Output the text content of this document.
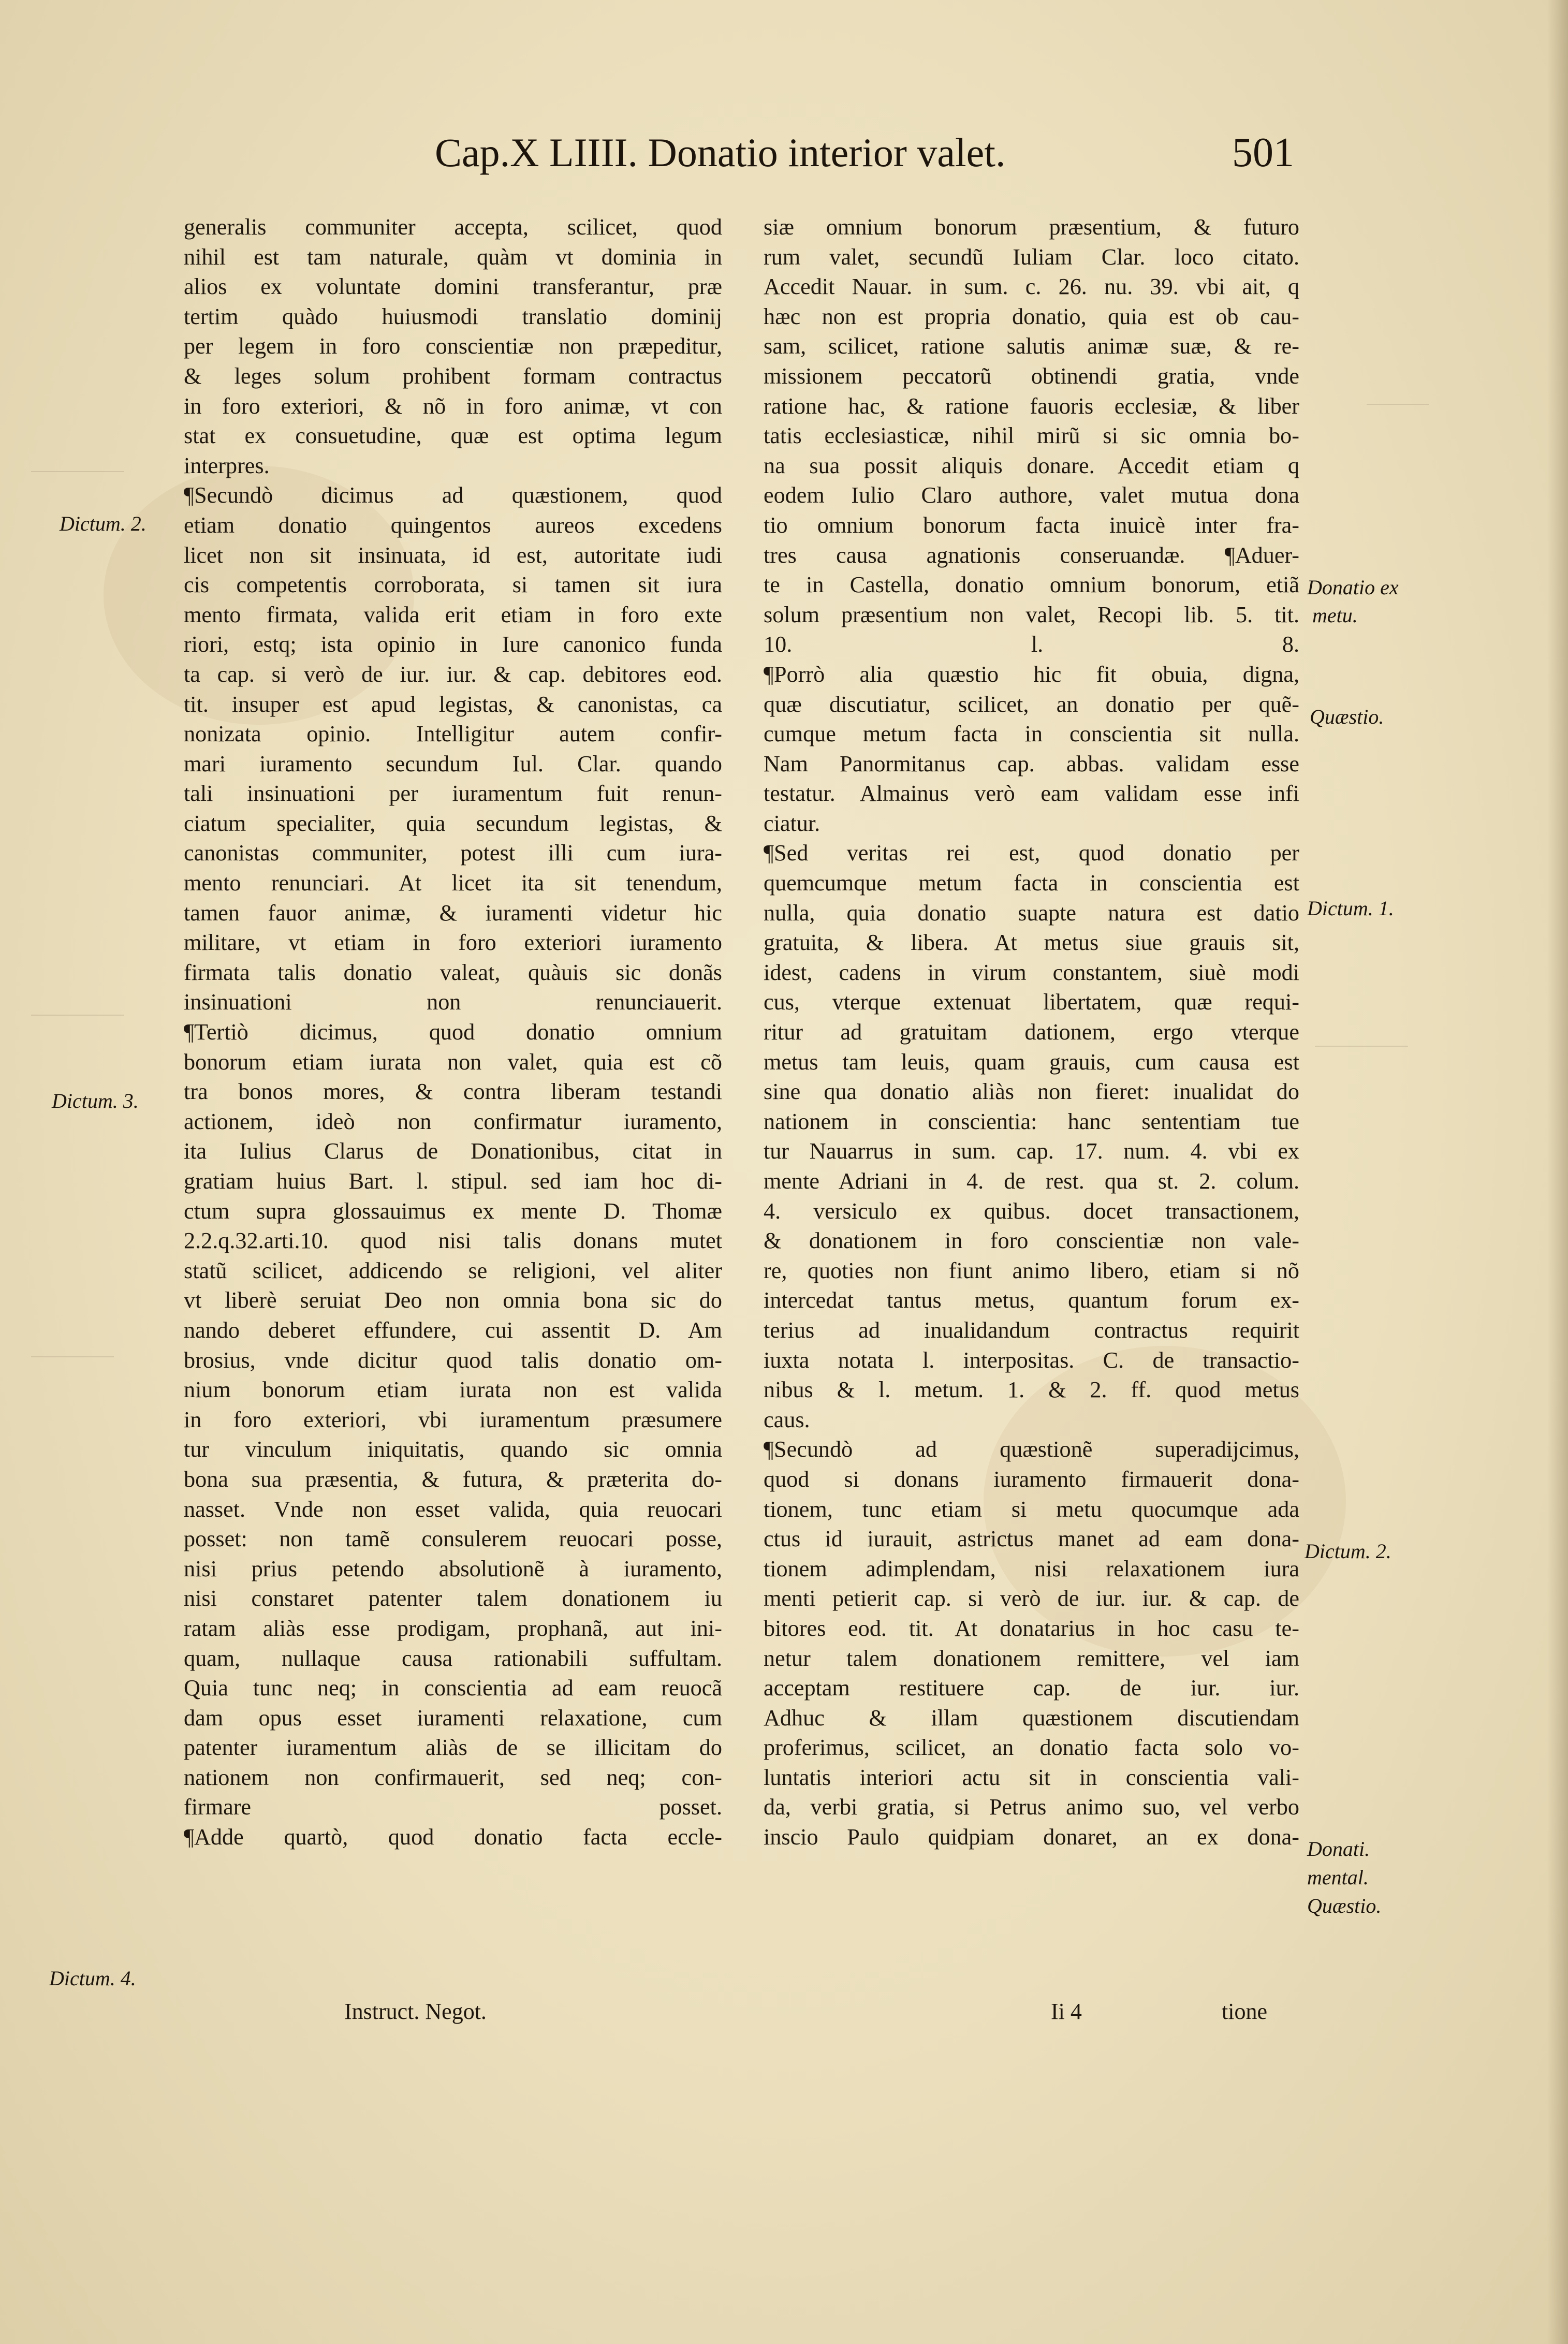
Cap.X LIIII. Donatio interior valet.	501
generalis communiter accepta, scilicet, quod
nihil est tam naturale, quàm vt dominia in
alios ex voluntate domini transferantur, præ
tertim quàdo huiusmodi translatio dominij
per legem in foro conscientiæ non præpeditur,
& leges solum prohibent formam contractus
in foro exteriori, & nõ in foro animæ, vt con
stat ex consuetudine, quæ est optima legum
interpres.
¶Secundò dicimus ad quæstionem, quod
etiam donatio quingentos aureos excedens
licet non sit insinuata, id est, autoritate iudi
cis competentis corroborata, si tamen sit iura
mento firmata, valida erit etiam in foro exte
riori, estq; ista opinio in Iure canonico funda
ta cap. si verò de iur. iur. & cap. debitores eod.
tit. insuper est apud legistas, & canonistas, ca
nonizata opinio. Intelligitur autem confir-
mari iuramento secundum Iul. Clar. quando
tali insinuationi per iuramentum fuit renun-
ciatum specialiter, quia secundum legistas, &
canonistas communiter, potest illi cum iura-
mento renunciari. At licet ita sit tenendum,
tamen fauor animæ, & iuramenti videtur hic
militare, vt etiam in foro exteriori iuramento
firmata talis donatio valeat, quàuis sic donãs
insinuationi non renunciauerit.
¶Tertiò dicimus, quod donatio omnium
bonorum etiam iurata non valet, quia est cõ
tra bonos mores, & contra liberam testandi
actionem, ideò non confirmatur iuramento,
ita Iulius Clarus de Donationibus, citat in
gratiam huius Bart. l. stipul. sed iam hoc di-
ctum supra glossauimus ex mente D. Thomæ
2.2.q.32.arti.10. quod nisi talis donans mutet
statũ scilicet, addicendo se religioni, vel aliter
vt liberè seruiat Deo non omnia bona sic do
nando deberet effundere, cui assentit D. Am
brosius, vnde dicitur quod talis donatio om-
nium bonorum etiam iurata non est valida
in foro exteriori, vbi iuramentum præsumere
tur vinculum iniquitatis, quando sic omnia
bona sua præsentia, & futura, & præterita do-
nasset. Vnde non esset valida, quia reuocari
posset: non tamẽ consulerem reuocari posse,
nisi prius petendo absolutionẽ à iuramento,
nisi constaret patenter talem donationem iu
ratam aliàs esse prodigam, prophanã, aut ini-
quam, nullaque causa rationabili suffultam.
Quia tunc neq; in conscientia ad eam reuocã
dam opus esset iuramenti relaxatione, cum
patenter iuramentum aliàs de se illicitam do
nationem non confirmauerit, sed neq; con-
firmare posset.
¶Adde quartò, quod donatio facta eccle-
siæ omnium bonorum præsentium, & futuro
rum valet, secundũ Iuliam Clar. loco citato.
Accedit Nauar. in sum. c. 26. nu. 39. vbi ait, q
hæc non est propria donatio, quia est ob cau-
sam, scilicet, ratione salutis animæ suæ, & re-
missionem peccatorũ obtinendi gratia, vnde
ratione hac, & ratione fauoris ecclesiæ, & liber
tatis ecclesiasticæ, nihil mirũ si sic omnia bo-
na sua possit aliquis donare. Accedit etiam q
eodem Iulio Claro authore, valet mutua dona
tio omnium bonorum facta inuicè inter fra-
tres causa agnationis conseruandæ. ¶Aduer-
te in Castella, donatio omnium bonorum, etiã
solum præsentium non valet, Recopi lib. 5. tit.
10. l. 8.
¶Porrò alia quæstio hic fit obuia, digna,
quæ discutiatur, scilicet, an donatio per quẽ-
cumque metum facta in conscientia sit nulla.
Nam Panormitanus cap. abbas. validam esse
testatur. Almainus verò eam validam esse infi
ciatur.
¶Sed veritas rei est, quod donatio per
quemcumque metum facta in conscientia est
nulla, quia donatio suapte natura est datio
gratuita, & libera. At metus siue grauis sit,
idest, cadens in virum constantem, siuè modi
cus, vterque extenuat libertatem, quæ requi-
ritur ad gratuitam dationem, ergo vterque
metus tam leuis, quam grauis, cum causa est
sine qua donatio aliàs non fieret: inualidat do
nationem in conscientia: hanc sententiam tue
tur Nauarrus in sum. cap. 17. num. 4. vbi ex
mente Adriani in 4. de rest. qua st. 2. colum.
4. versiculo ex quibus. docet transactionem,
& donationem in foro conscientiæ non vale-
re, quoties non fiunt animo libero, etiam si nõ
intercedat tantus metus, quantum forum ex-
terius ad inualidandum contractus requirit
iuxta notata l. interpositas. C. de transactio-
nibus & l. metum. 1. & 2. ff. quod metus
caus.
¶Secundò ad quæstionẽ superadijcimus,
quod si donans iuramento firmauerit dona-
tionem, tunc etiam si metu quocumque ada
ctus id iurauit, astrictus manet ad eam dona-
tionem adimplendam, nisi relaxationem iura
menti petierit cap. si verò de iur. iur. & cap. de
bitores eod. tit. At donatarius in hoc casu te-
netur talem donationem remittere, vel iam
acceptam restituere cap. de iur. iur.
Adhuc & illam quæstionem discutiendam
proferimus, scilicet, an donatio facta solo vo-
luntatis interiori actu sit in conscientia vali-
da, verbi gratia, si Petrus animo suo, vel verbo
inscio Paulo quidpiam donaret, an ex dona-
Dictum. 2.
Dictum. 3.
Dictum. 4.
Donatio ex
metu.
Quæstio.
Dictum. 1.
Dictum. 2.
Donati.
mental.
Quæstio.
Instruct. Negot.	Ii 4	tione
